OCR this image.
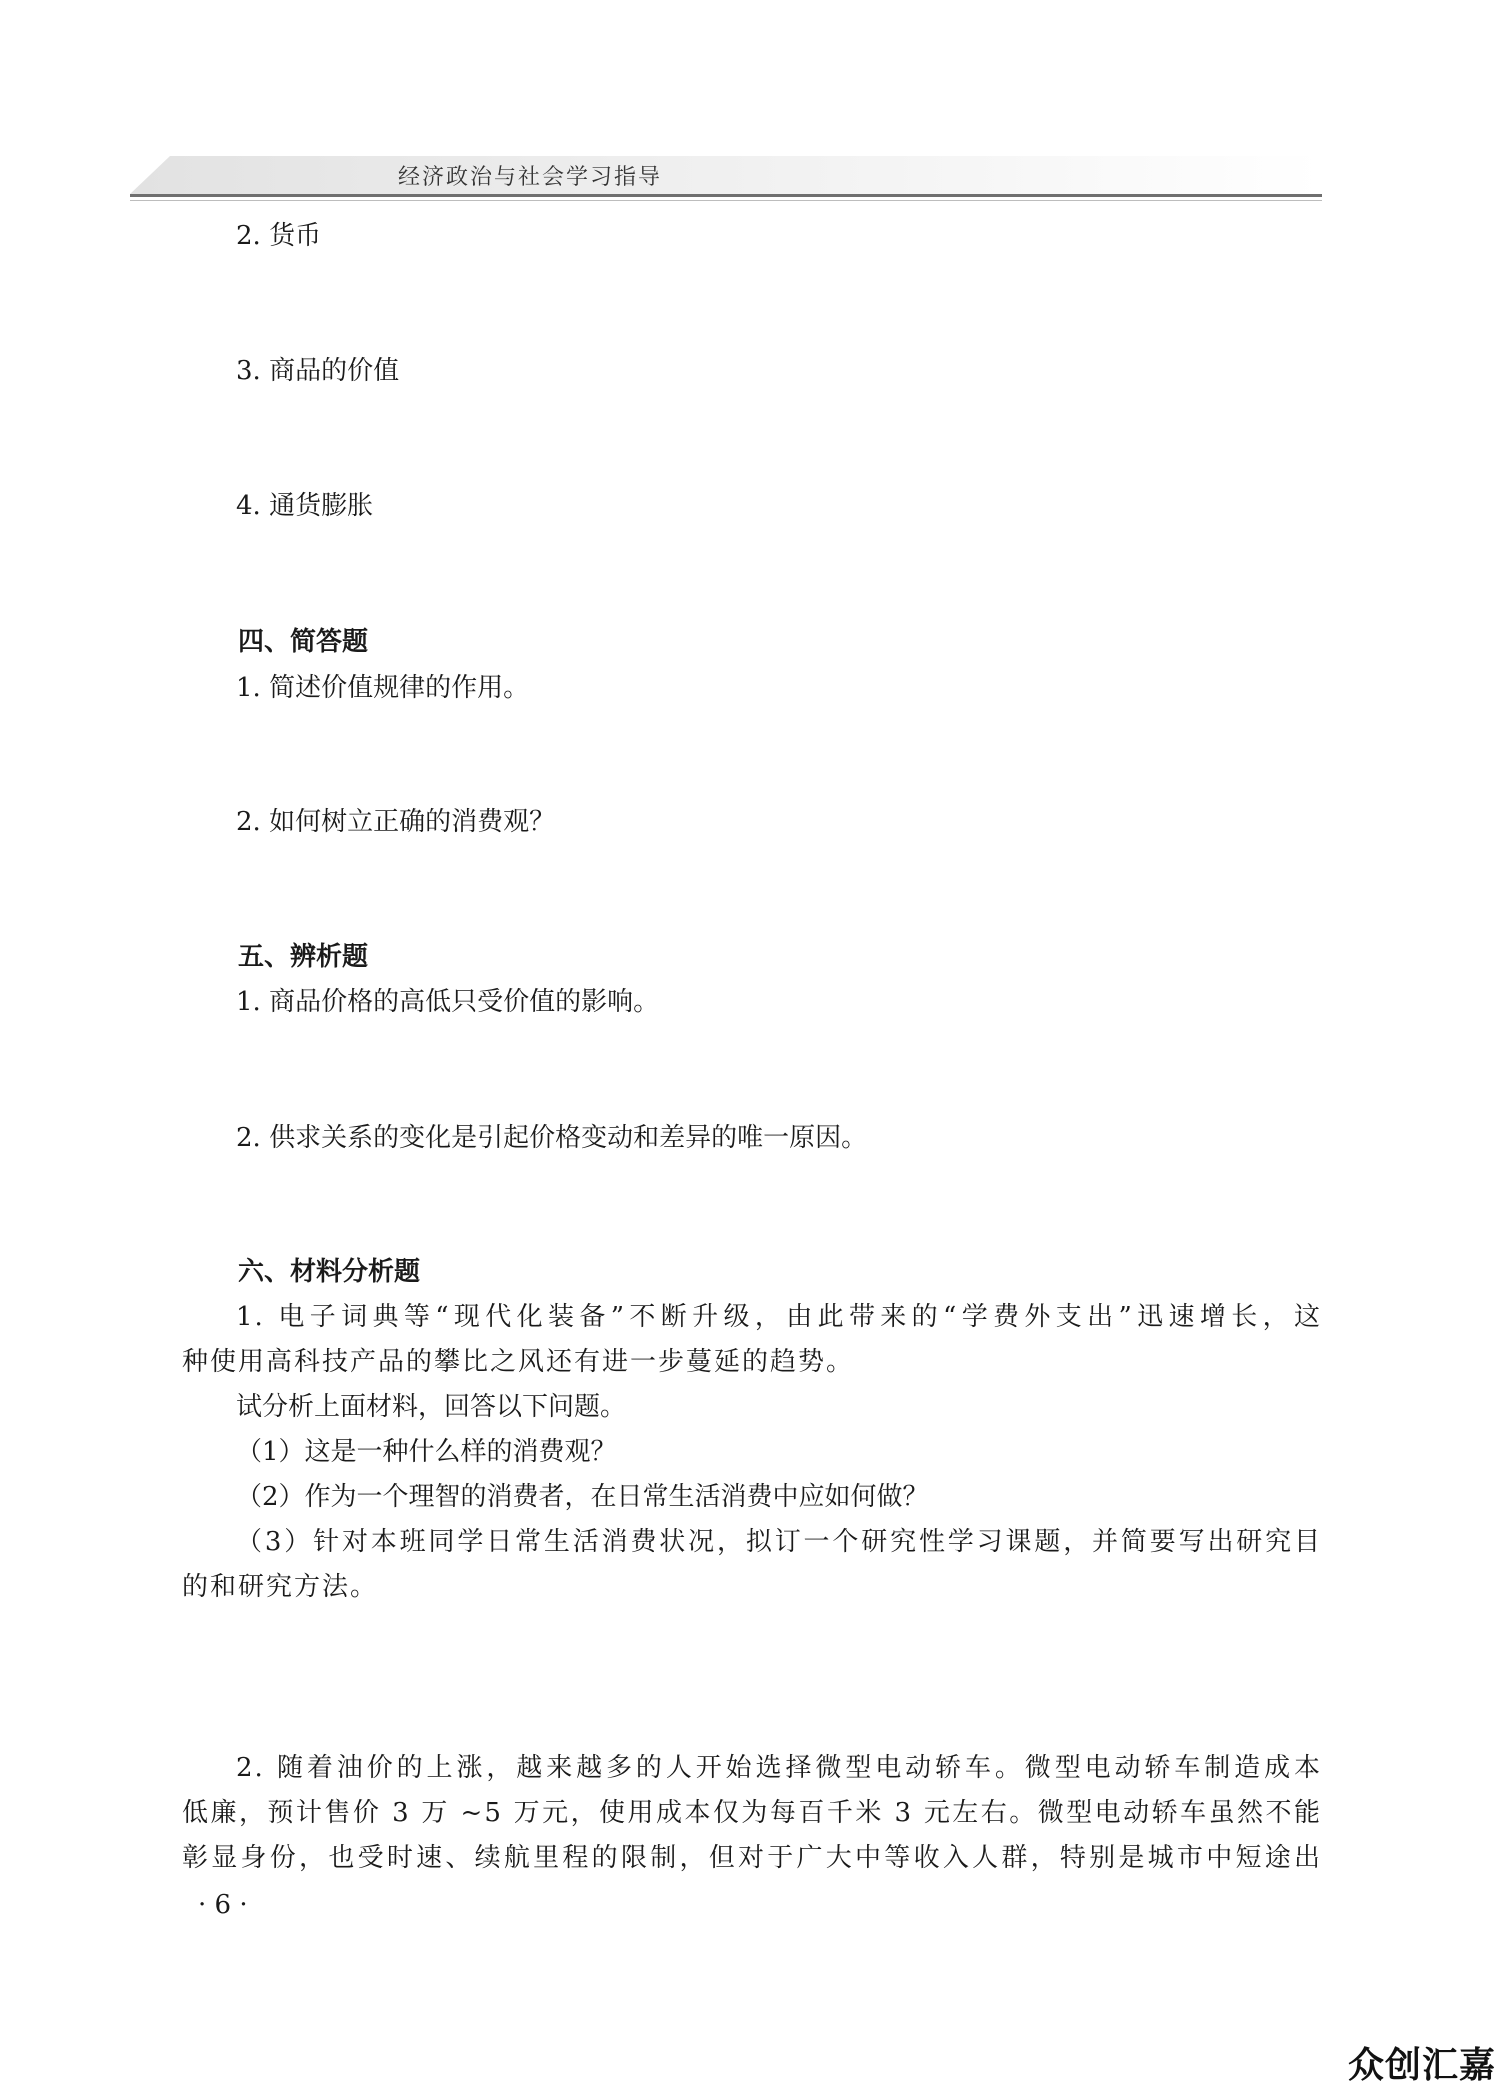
经济政治与社会学习指导
2. 货币
3. 商品的价值
4. 通货膨胀
四、简答题
1. 简述价值规律的作用。
2. 如何树立正确的消费观？
五、辨析题
1. 商品价格的高低只受价值的影响。
2. 供求关系的变化是引起价格变动和差异的唯一原因。
六、材料分析题
1. 电子词典等“现代化装备”不断升级，由此带来的“学费外支出”迅速增长，这
种使用高科技产品的攀比之风还有进一步蔓延的趋势。
试分析上面材料，回答以下问题。
（1）这是一种什么样的消费观？
（2）作为一个理智的消费者，在日常生活消费中应如何做？
（3）针对本班同学日常生活消费状况，拟订一个研究性学习课题，并简要写出研究目
的和研究方法。
2. 随着油价的上涨，越来越多的人开始选择微型电动轿车。微型电动轿车制造成本
低廉，预计售价 3 万 ~5 万元，使用成本仅为每百千米 3 元左右。微型电动轿车虽然不能
彰显身份，也受时速、续航里程的限制，但对于广大中等收入人群，特别是城市中短途出
· 6 ·
众创汇嘉
